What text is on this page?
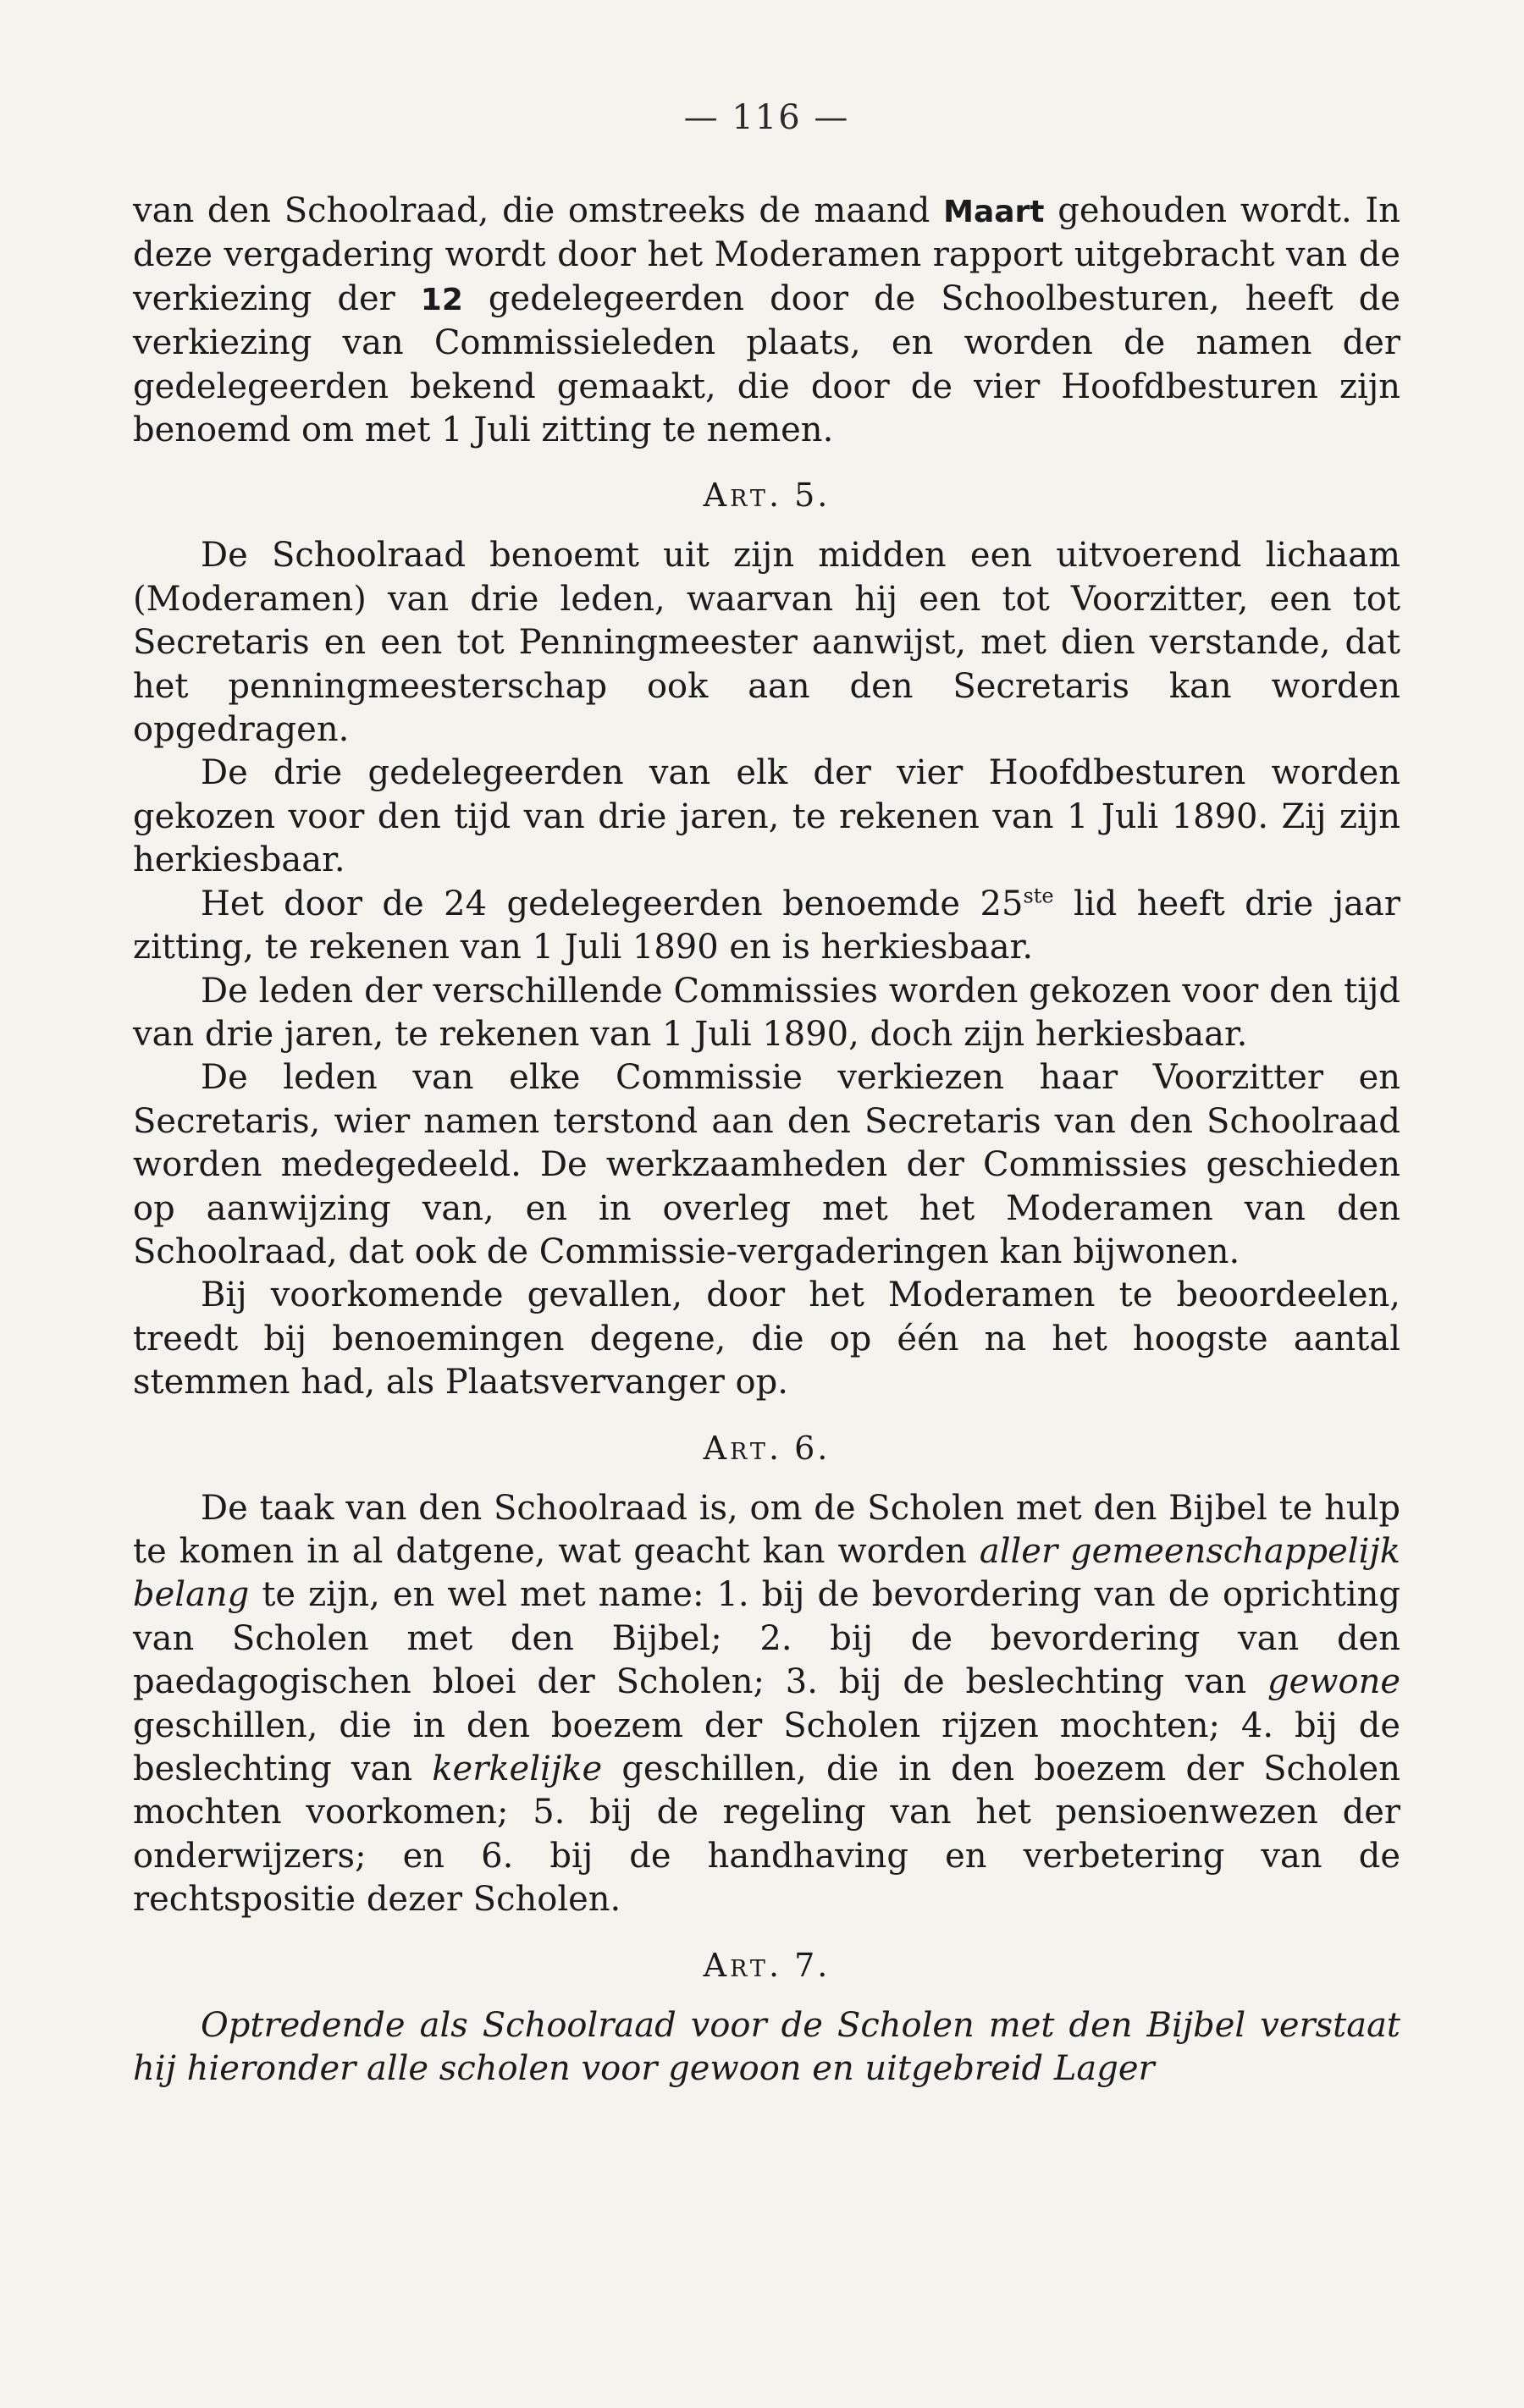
— 116 —

van den Schoolraad, die omstreeks de maand Maart gehouden wordt. In deze vergadering wordt door het Moderamen rapport uitgebracht van de verkiezing der 12 gedelegeerden door de Schoolbesturen, heeft de verkiezing van Commissieleden plaats, en worden de namen der gedelegeerden bekend gemaakt, die door de vier Hoofdbesturen zijn benoemd om met 1 Juli zitting te nemen.

Art. 5.

De Schoolraad benoemt uit zijn midden een uitvoerend lichaam (Moderamen) van drie leden, waarvan hij een tot Voorzitter, een tot Secretaris en een tot Penningmeester aanwijst, met dien verstande, dat het penningmeesterschap ook aan den Secretaris kan worden opgedragen.

De drie gedelegeerden van elk der vier Hoofdbesturen worden gekozen voor den tijd van drie jaren, te rekenen van 1 Juli 1890. Zij zijn herkiesbaar.

Het door de 24 gedelegeerden benoemde 25ste lid heeft drie jaar zitting, te rekenen van 1 Juli 1890 en is herkiesbaar.

De leden der verschillende Commissies worden gekozen voor den tijd van drie jaren, te rekenen van 1 Juli 1890, doch zijn herkiesbaar.

De leden van elke Commissie verkiezen haar Voorzitter en Secretaris, wier namen terstond aan den Secretaris van den Schoolraad worden medegedeeld. De werkzaamheden der Commissies geschieden op aanwijzing van, en in overleg met het Moderamen van den Schoolraad, dat ook de Commissie-vergaderingen kan bijwonen.

Bij voorkomende gevallen, door het Moderamen te beoordeelen, treedt bij benoemingen degene, die op één na het hoogste aantal stemmen had, als Plaatsvervanger op.

Art. 6.

De taak van den Schoolraad is, om de Scholen met den Bijbel te hulp te komen in al datgene, wat geacht kan worden aller gemeenschappelijk belang te zijn, en wel met name: 1. bij de bevordering van de oprichting van Scholen met den Bijbel; 2. bij de bevordering van den paedagogischen bloei der Scholen; 3. bij de beslechting van gewone geschillen, die in den boezem der Scholen rijzen mochten; 4. bij de beslechting van kerkelijke geschillen, die in den boezem der Scholen mochten voorkomen; 5. bij de regeling van het pensioenwezen der onderwijzers; en 6. bij de handhaving en verbetering van de rechtspositie dezer Scholen.

Art. 7.

Optredende als Schoolraad voor de Scholen met den Bijbel verstaat hij hieronder alle scholen voor gewoon en uitgebreid Lager
